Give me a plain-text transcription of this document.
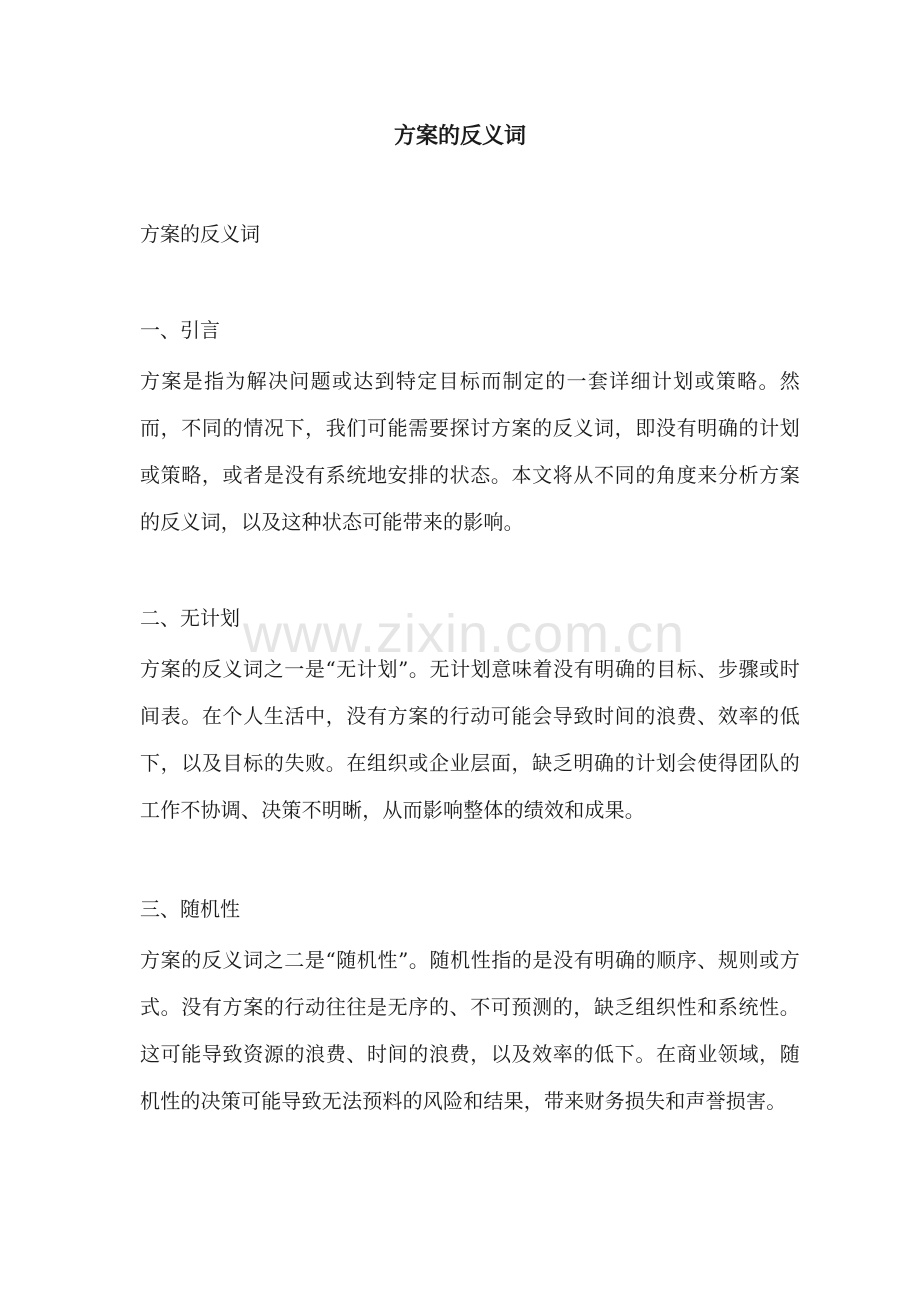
方案的反义词

方案的反义词

一、引言

方案是指为解决问题或达到特定目标而制定的一套详细计划或策略。然而，不同的情况下，我们可能需要探讨方案的反义词，即没有明确的计划或策略，或者是没有系统地安排的状态。本文将从不同的角度来分析方案的反义词，以及这种状态可能带来的影响。

二、无计划

方案的反义词之一是“无计划”。无计划意味着没有明确的目标、步骤或时间表。在个人生活中，没有方案的行动可能会导致时间的浪费、效率的低下，以及目标的失败。在组织或企业层面，缺乏明确的计划会使得团队的工作不协调、决策不明晰，从而影响整体的绩效和成果。

三、随机性

方案的反义词之二是“随机性”。随机性指的是没有明确的顺序、规则或方式。没有方案的行动往往是无序的、不可预测的，缺乏组织性和系统性。这可能导致资源的浪费、时间的浪费，以及效率的低下。在商业领域，随机性的决策可能导致无法预料的风险和结果，带来财务损失和声誉损害。

www.zixin.com.cn
